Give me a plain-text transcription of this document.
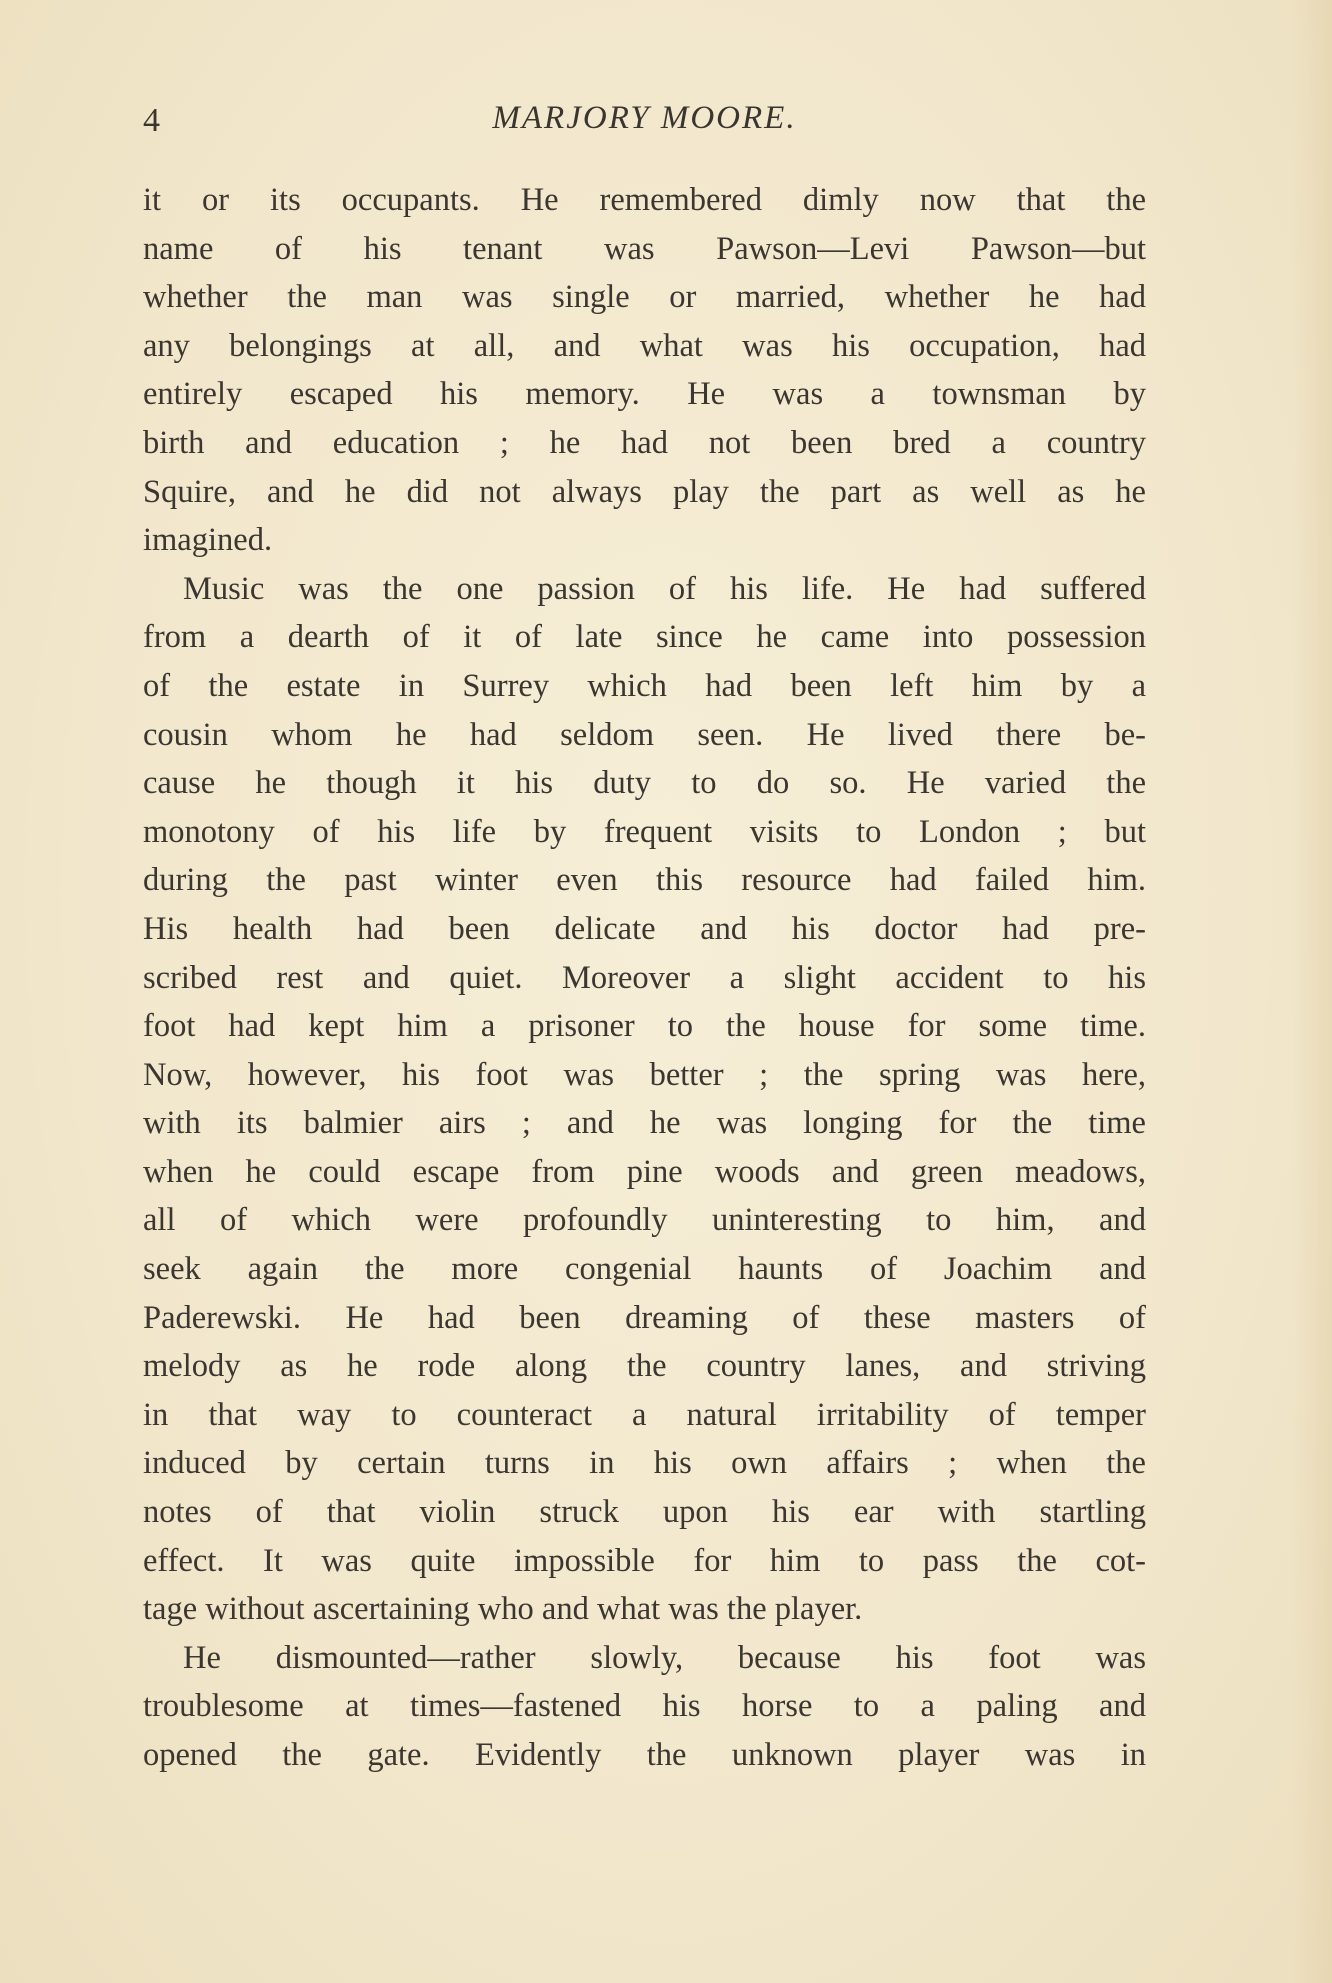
4	MARJORY MOORE.
it or its occupants. He remembered dimly now that the
name of his tenant was Pawson—Levi Pawson—but
whether the man was single or married, whether he had
any belongings at all, and what was his occupation, had
entirely escaped his memory. He was a townsman by
birth and education ; he had not been bred a country
Squire, and he did not always play the part as well as he
imagined.
Music was the one passion of his life. He had suffered
from a dearth of it of late since he came into possession
of the estate in Surrey which had been left him by a
cousin whom he had seldom seen. He lived there be-
cause he though it his duty to do so. He varied the
monotony of his life by frequent visits to London ; but
during the past winter even this resource had failed him.
His health had been delicate and his doctor had pre-
scribed rest and quiet. Moreover a slight accident to his
foot had kept him a prisoner to the house for some time.
Now, however, his foot was better ; the spring was here,
with its balmier airs ; and he was longing for the time
when he could escape from pine woods and green meadows,
all of which were profoundly uninteresting to him, and
seek again the more congenial haunts of Joachim and
Paderewski. He had been dreaming of these masters of
melody as he rode along the country lanes, and striving
in that way to counteract a natural irritability of temper
induced by certain turns in his own affairs ; when the
notes of that violin struck upon his ear with startling
effect. It was quite impossible for him to pass the cot-
tage without ascertaining who and what was the player.
He dismounted—rather slowly, because his foot was
troublesome at times—fastened his horse to a paling and
opened the gate. Evidently the unknown player was in
